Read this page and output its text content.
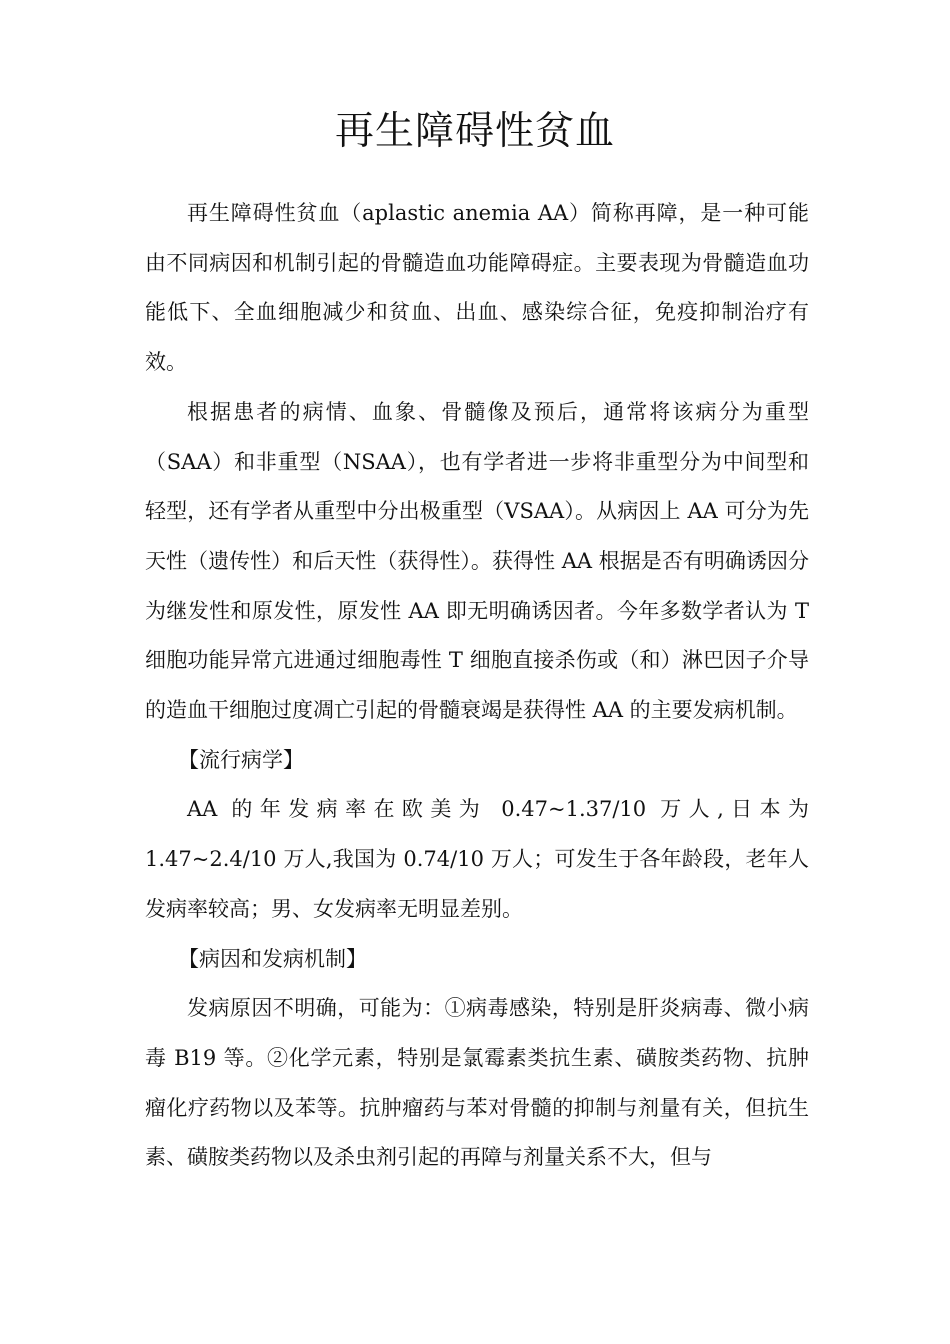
再生障碍性贫血

再生障碍性贫血（aplastic anemia AA）简称再障，是一种可能由不同病因和机制引起的骨髓造血功能障碍症。主要表现为骨髓造血功能低下、全血细胞减少和贫血、出血、感染综合征，免疫抑制治疗有效。

根据患者的病情、血象、骨髓像及预后，通常将该病分为重型（SAA）和非重型（NSAA），也有学者进一步将非重型分为中间型和轻型，还有学者从重型中分出极重型（VSAA）。从病因上 AA 可分为先天性（遗传性）和后天性（获得性）。获得性 AA 根据是否有明确诱因分为继发性和原发性，原发性 AA 即无明确诱因者。今年多数学者认为 T 细胞功能异常亢进通过细胞毒性 T 细胞直接杀伤或（和）淋巴因子介导的造血干细胞过度凋亡引起的骨髓衰竭是获得性 AA 的主要发病机制。

【流行病学】

AA 的年发病率在欧美为 0.47~1.37/10 万人,日本为 1.47~2.4/10 万人,我国为 0.74/10 万人；可发生于各年龄段，老年人发病率较高；男、女发病率无明显差别。

【病因和发病机制】

发病原因不明确，可能为：①病毒感染，特别是肝炎病毒、微小病毒 B19 等。②化学元素，特别是氯霉素类抗生素、磺胺类药物、抗肿瘤化疗药物以及苯等。抗肿瘤药与苯对骨髓的抑制与剂量有关，但抗生素、磺胺类药物以及杀虫剂引起的再障与剂量关系不大，但与
